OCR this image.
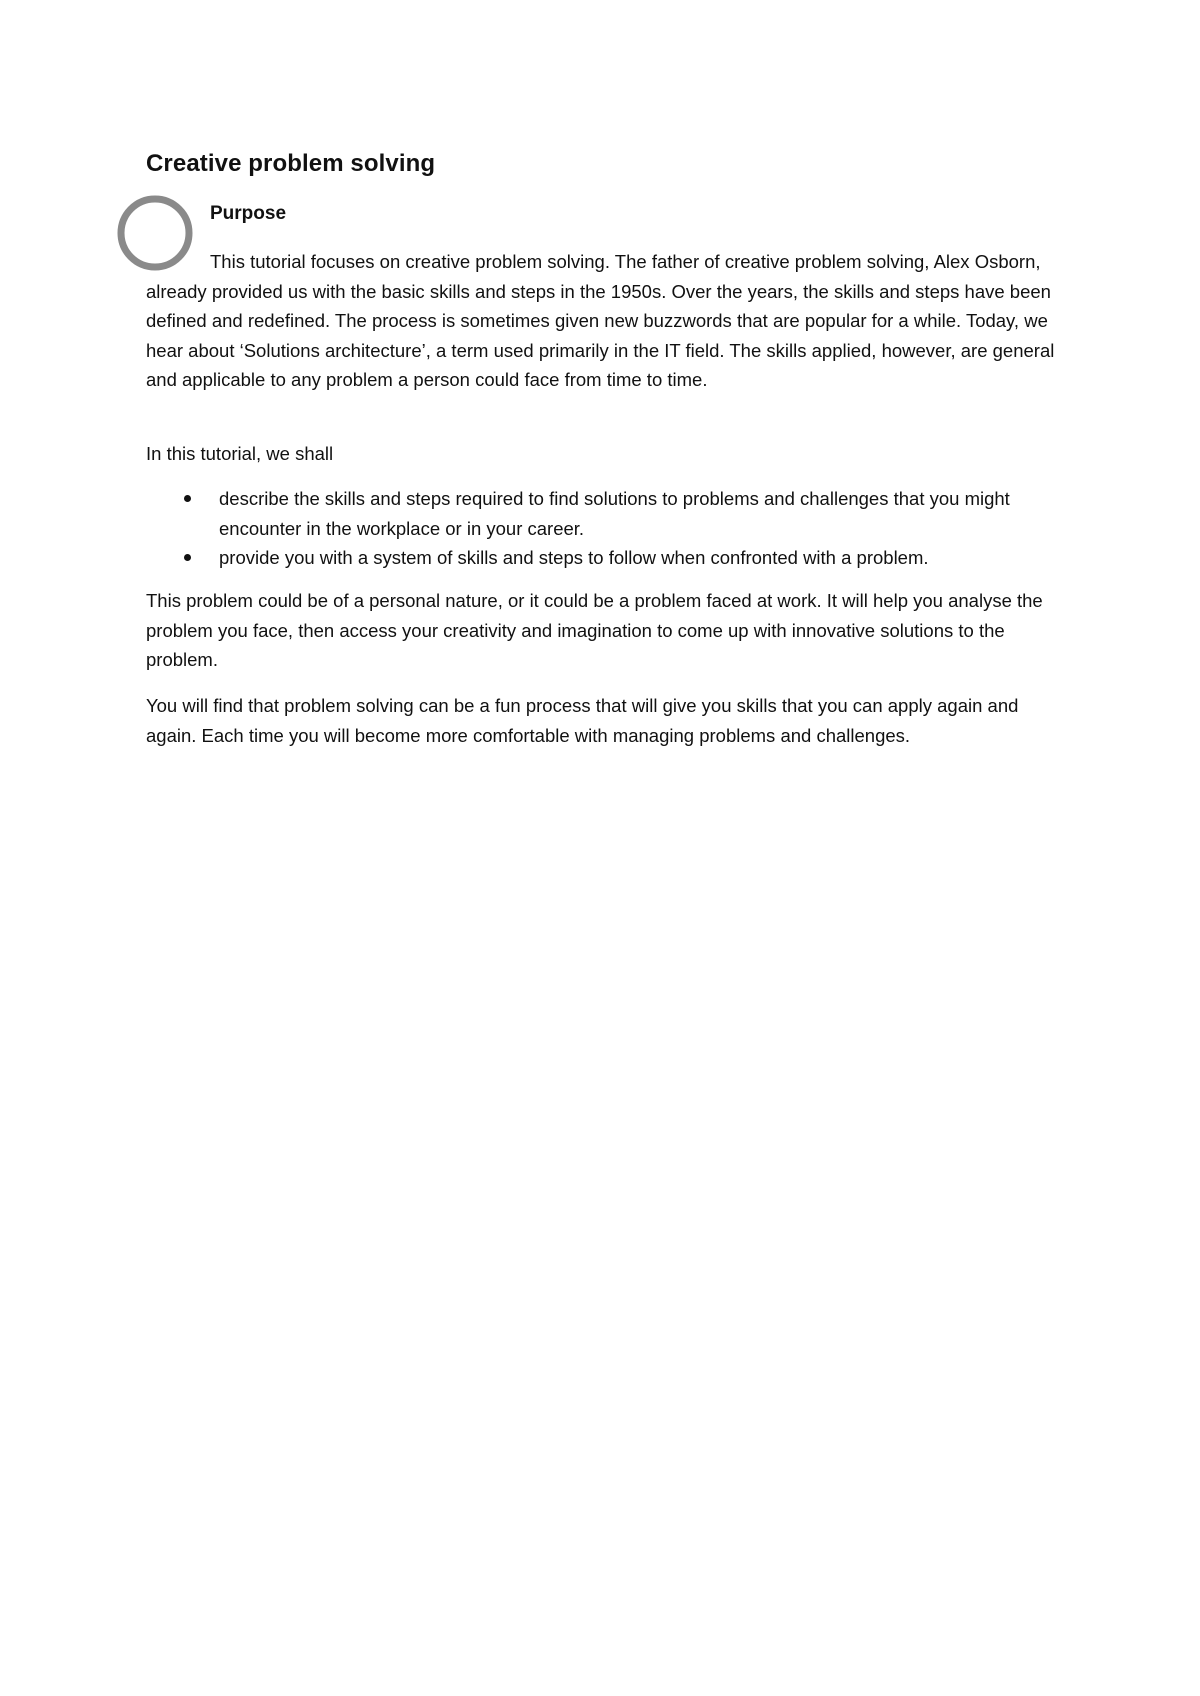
Creative problem solving
Purpose

This tutorial focuses on creative problem solving. The father of creative problem solving, Alex Osborn, already provided us with the basic skills and steps in the 1950s. Over the years, the skills and steps have been defined and redefined. The process is sometimes given new buzzwords that are popular for a while. Today, we hear about ‘Solutions architecture’, a term used primarily in the IT field. The skills applied, however, are general and applicable to any problem a person could face from time to time.

In this tutorial, we shall

describe the skills and steps required to find solutions to problems and challenges that you might encounter in the workplace or in your career.
provide you with a system of skills and steps to follow when confronted with a problem.

This problem could be of a personal nature, or it could be a problem faced at work. It will help you analyse the problem you face, then access your creativity and imagination to come up with innovative solutions to the problem.

You will find that problem solving can be a fun process that will give you skills that you can apply again and again. Each time you will become more comfortable with managing problems and challenges.
